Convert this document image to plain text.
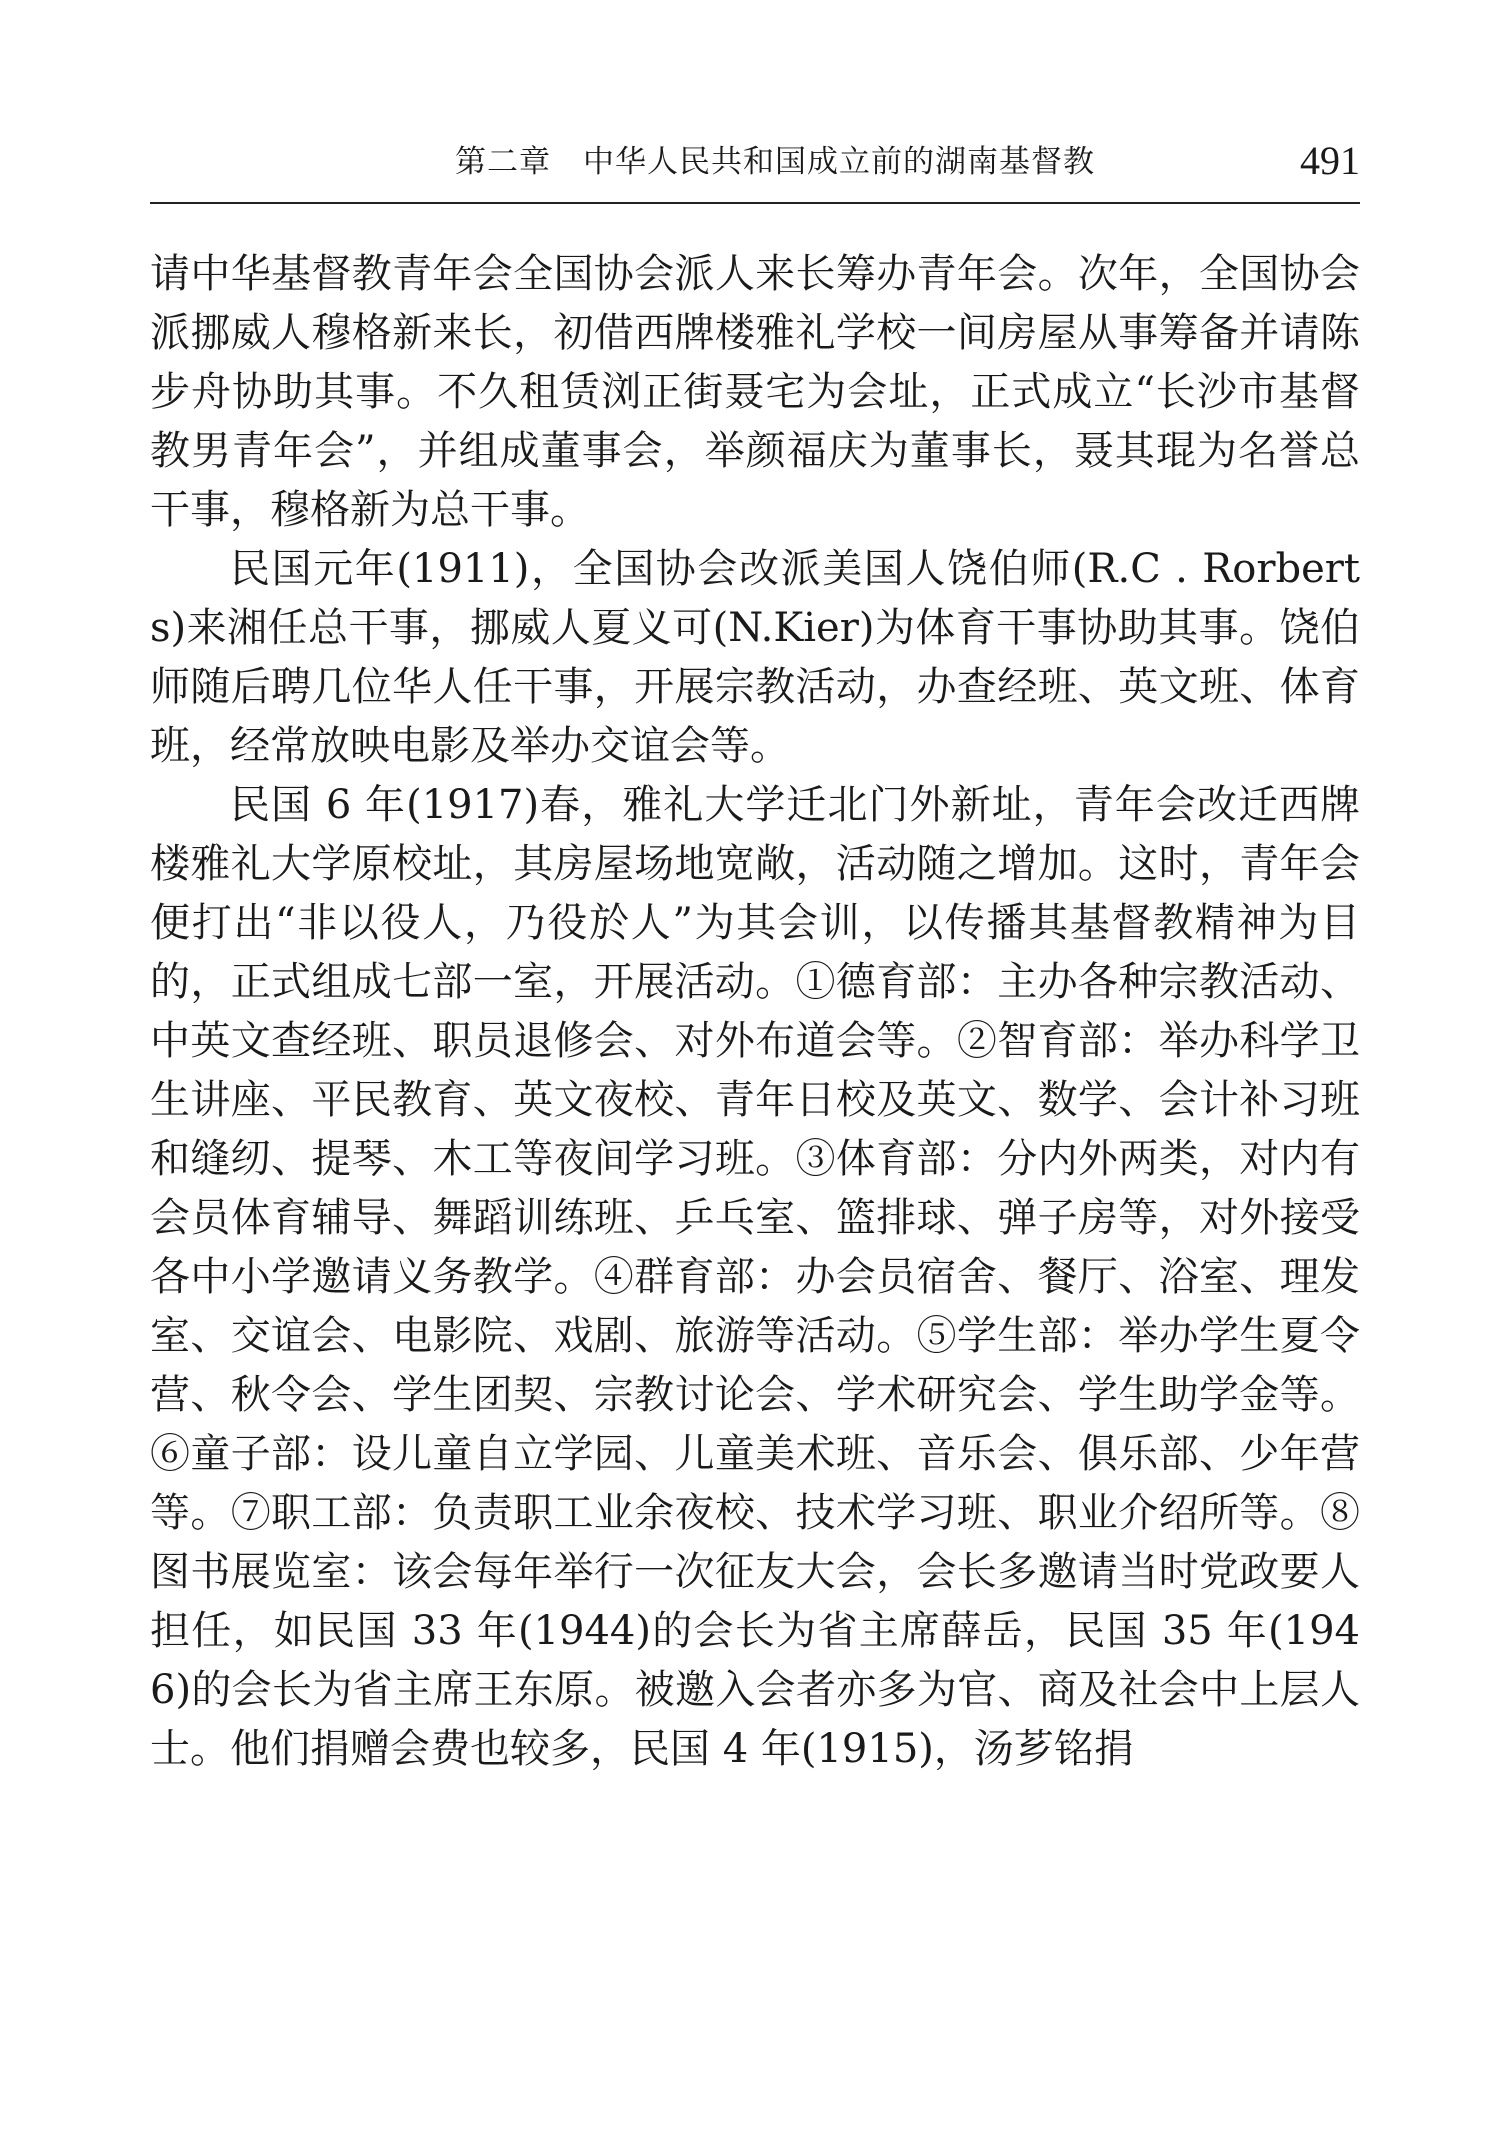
第二章　中华人民共和国成立前的湖南基督教	491

请中华基督教青年会全国协会派人来长筹办青年会。次年，全国协会派挪威人穆格新来长，初借西牌楼雅礼学校一间房屋从事筹备并请陈步舟协助其事。不久租赁浏正街聂宅为会址，正式成立“长沙市基督教男青年会”，并组成董事会，举颜福庆为董事长，聂其琨为名誉总干事，穆格新为总干事。

民国元年(1911)，全国协会改派美国人饶伯师(R.C . Rorberts)来湘任总干事，挪威人夏义可(N.Kier)为体育干事协助其事。饶伯师随后聘几位华人任干事，开展宗教活动，办查经班、英文班、体育班，经常放映电影及举办交谊会等。

民国 6 年(1917)春，雅礼大学迁北门外新址，青年会改迁西牌楼雅礼大学原校址，其房屋场地宽敞，活动随之增加。这时，青年会便打出“非以役人，乃役於人”为其会训，以传播其基督教精神为目的，正式组成七部一室，开展活动。①德育部：主办各种宗教活动、中英文查经班、职员退修会、对外布道会等。②智育部：举办科学卫生讲座、平民教育、英文夜校、青年日校及英文、数学、会计补习班和缝纫、提琴、木工等夜间学习班。③体育部：分内外两类，对内有会员体育辅导、舞蹈训练班、乒乓室、篮排球、弹子房等，对外接受各中小学邀请义务教学。④群育部：办会员宿舍、餐厅、浴室、理发室、交谊会、电影院、戏剧、旅游等活动。⑤学生部：举办学生夏令营、秋令会、学生团契、宗教讨论会、学术研究会、学生助学金等。⑥童子部：设儿童自立学园、儿童美术班、音乐会、俱乐部、少年营等。⑦职工部：负责职工业余夜校、技术学习班、职业介绍所等。⑧图书展览室：该会每年举行一次征友大会，会长多邀请当时党政要人担任，如民国 33 年(1944)的会长为省主席薛岳，民国 35 年(1946)的会长为省主席王东原。被邀入会者亦多为官、商及社会中上层人士。他们捐赠会费也较多，民国 4 年(1915)，汤芗铭捐
